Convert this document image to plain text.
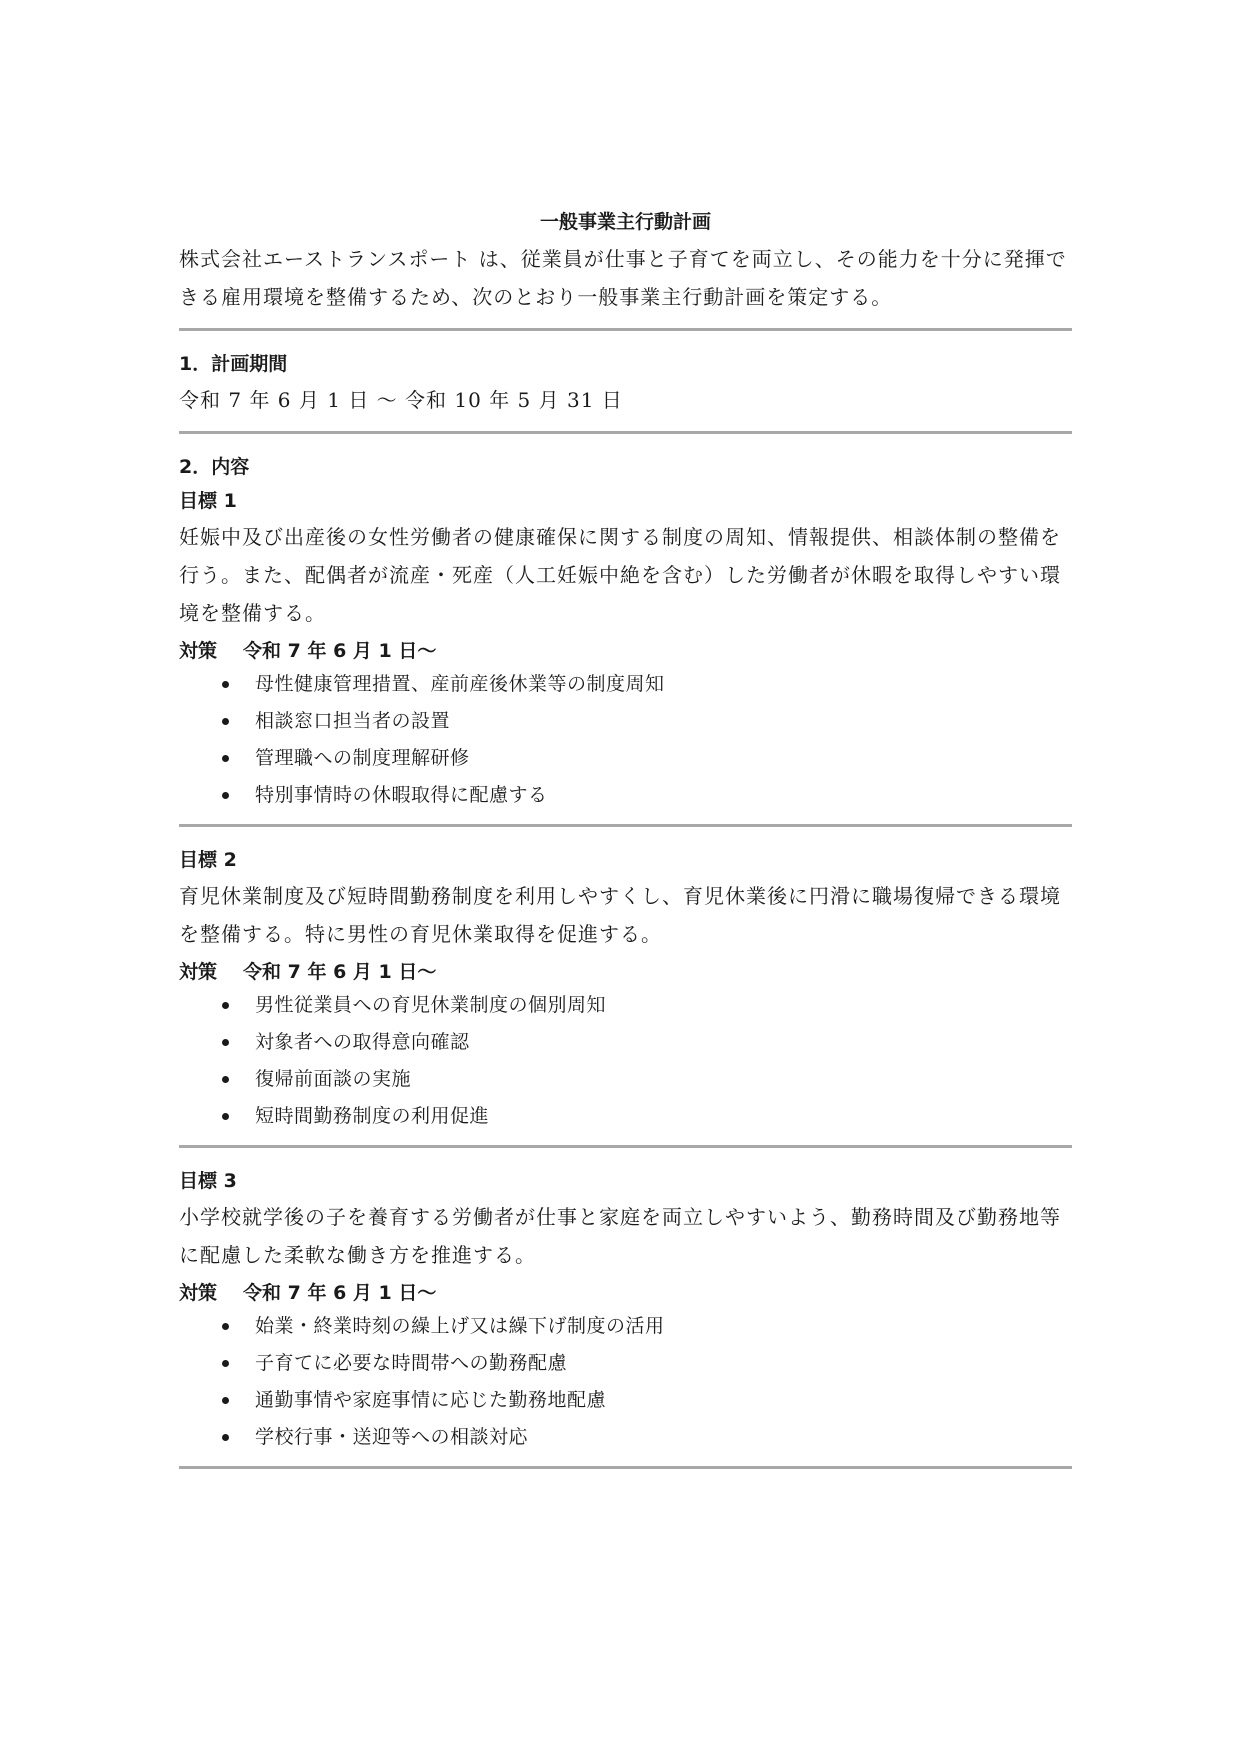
一般事業主行動計画

株式会社エーストランスポート は、従業員が仕事と子育てを両立し、その能力を十分に発揮できる雇用環境を整備するため、次のとおり一般事業主行動計画を策定する。

1．計画期間

令和 7 年 6 月 1 日 ～ 令和 10 年 5 月 31 日

2．内容
目標 1

妊娠中及び出産後の女性労働者の健康確保に関する制度の周知、情報提供、相談体制の整備を行う。また、配偶者が流産・死産（人工妊娠中絶を含む）した労働者が休暇を取得しやすい環境を整備する。

対策 令和 7 年 6 月 1 日～

母性健康管理措置、産前産後休業等の制度周知
相談窓口担当者の設置
管理職への制度理解研修
特別事情時の休暇取得に配慮する
目標 2

育児休業制度及び短時間勤務制度を利用しやすくし、育児休業後に円滑に職場復帰できる環境を整備する。特に男性の育児休業取得を促進する。

対策 令和 7 年 6 月 1 日～

男性従業員への育児休業制度の個別周知
対象者への取得意向確認
復帰前面談の実施
短時間勤務制度の利用促進
目標 3

小学校就学後の子を養育する労働者が仕事と家庭を両立しやすいよう、勤務時間及び勤務地等に配慮した柔軟な働き方を推進する。

対策 令和 7 年 6 月 1 日～

始業・終業時刻の繰上げ又は繰下げ制度の活用
子育てに必要な時間帯への勤務配慮
通勤事情や家庭事情に応じた勤務地配慮
学校行事・送迎等への相談対応
